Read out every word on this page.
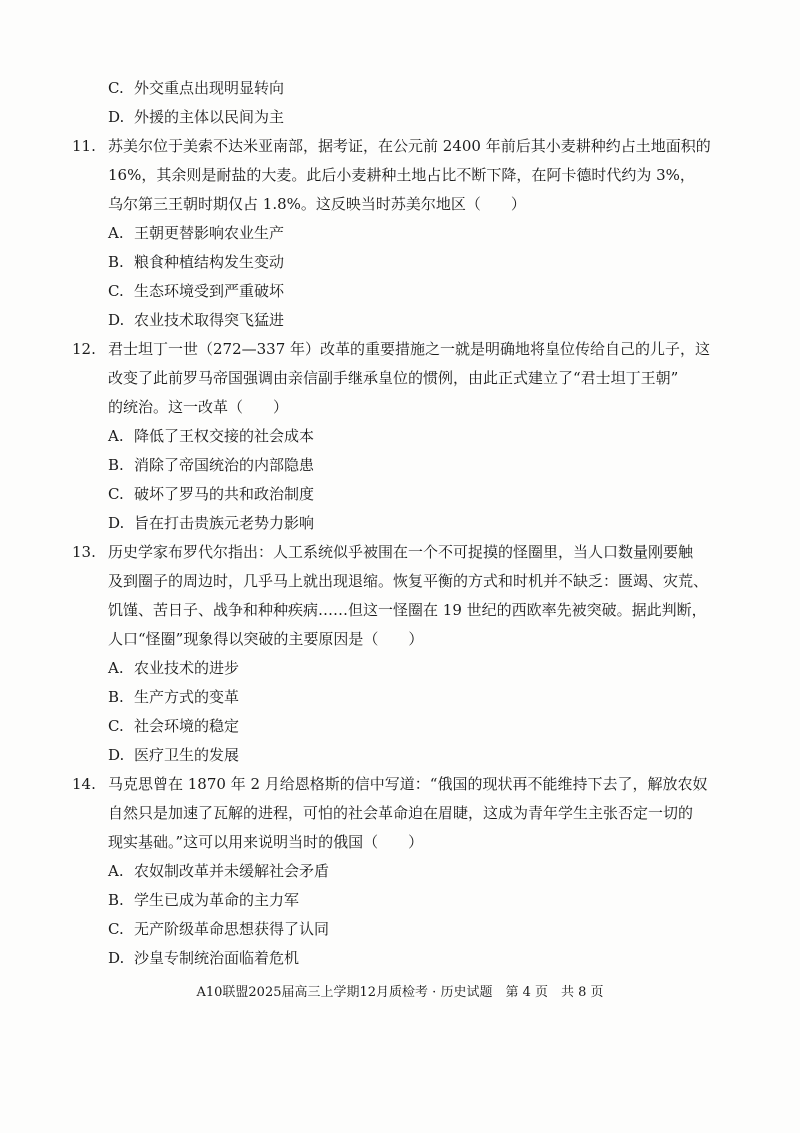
C. 外交重点出现明显转向
D. 外援的主体以民间为主
11. 苏美尔位于美索不达米亚南部，据考证，在公元前 2400 年前后其小麦耕种约占土地面积的
16%，其余则是耐盐的大麦。此后小麦耕种土地占比不断下降，在阿卡德时代约为 3%，
乌尔第三王朝时期仅占 1.8%。这反映当时苏美尔地区（　　）
A. 王朝更替影响农业生产
B. 粮食种植结构发生变动
C. 生态环境受到严重破坏
D. 农业技术取得突飞猛进
12. 君士坦丁一世（272—337 年）改革的重要措施之一就是明确地将皇位传给自己的儿子，这
改变了此前罗马帝国强调由亲信副手继承皇位的惯例，由此正式建立了“君士坦丁王朝”
的统治。这一改革（　　）
A. 降低了王权交接的社会成本
B. 消除了帝国统治的内部隐患
C. 破坏了罗马的共和政治制度
D. 旨在打击贵族元老势力影响
13. 历史学家布罗代尔指出：人工系统似乎被围在一个不可捉摸的怪圈里，当人口数量刚要触
及到圈子的周边时，几乎马上就出现退缩。恢复平衡的方式和时机并不缺乏：匮竭、灾荒、
饥馑、苦日子、战争和种种疾病……但这一怪圈在 19 世纪的西欧率先被突破。据此判断，
人口“怪圈”现象得以突破的主要原因是（　　）
A. 农业技术的进步
B. 生产方式的变革
C. 社会环境的稳定
D. 医疗卫生的发展
14. 马克思曾在 1870 年 2 月给恩格斯的信中写道：“俄国的现状再不能维持下去了，解放农奴
自然只是加速了瓦解的进程，可怕的社会革命迫在眉睫，这成为青年学生主张否定一切的
现实基础。”这可以用来说明当时的俄国（　　）
A. 农奴制改革并未缓解社会矛盾
B. 学生已成为革命的主力军
C. 无产阶级革命思想获得了认同
D. 沙皇专制统治面临着危机
A10联盟2025届高三上学期12月质检考 · 历史试题　第 4 页　共 8 页
